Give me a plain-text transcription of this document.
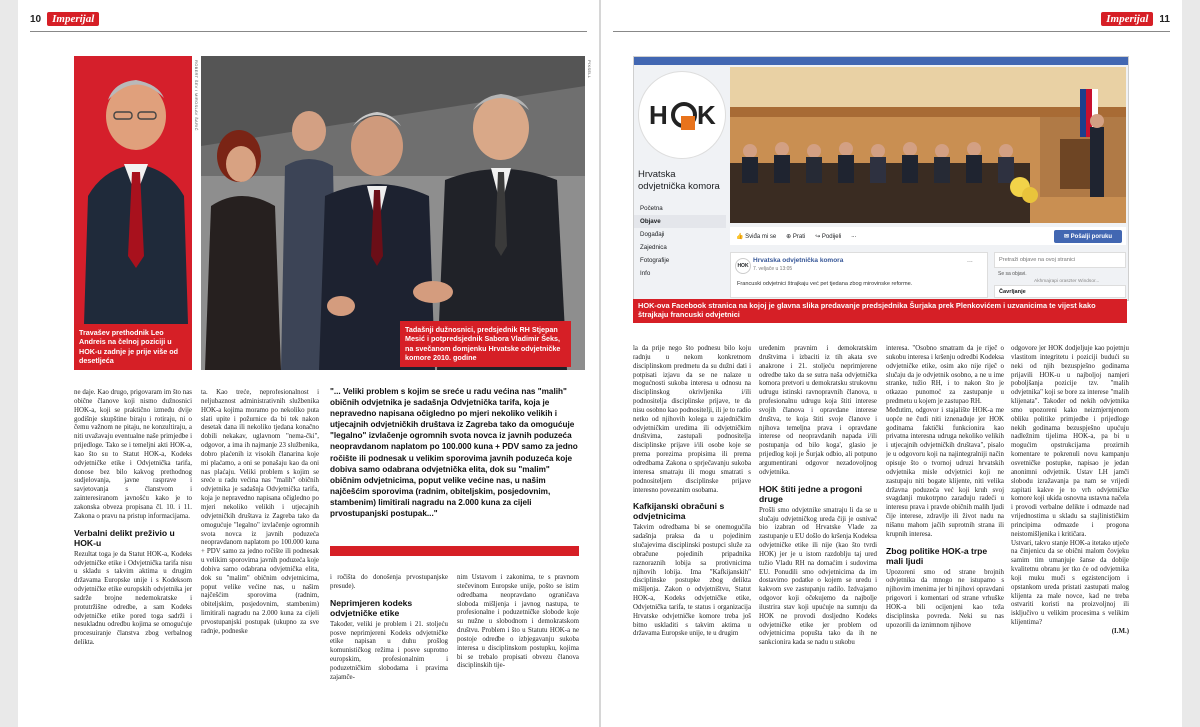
10	Imperijal
ROBERT ŠEV / MIROSLAV ŠARIĆ
Travašev prethodnik Leo Andreis na čelnoj poziciji u HOK-u zadnje je prije više od desetljeća
PIXSELL
Tadašnji dužnosnici, predsjednik RH Stjepan Mesić i potpredsjednik Sabora Vladimir Šeks, na svečanom domjenku Hrvatske odvjetničke komore 2010. godine

ne daje. Kao drugo, prigovaram im što nas obične članove koji nismo dužnosnici HOK-a, koji se praktično između dvije godišnje skupštine biraju i rotiraju, ni o čemu važnom ne pitaju, ne konzultiraju, a niti uvažavaju eventualne naše primjedbe i prijedloge. Tako se i temeljni akti HOK-a, kao što su to Statut HOK-a, Kodeks odvjetničke etike i Odvjetnička tarifa, donose bez bilo kakvog prethodnog sudjelovanja, javne rasprave i savjetovanja s članstvom i zainteresiranom javnošću kako je to zakonska obveza propisana čl. 10. i 11. Zakona o pravu na pristup informacijama.

Verbalni delikt preživio u HOK-u

Rezultat toga je da Statut HOK-a, Kodeks odvjetničke etike i Odvjetnička tarifa nisu u skladu s takvim aktima u drugim državama Europske unije i s Kodeksom odvjetničke etike europskih odvjetnika jer sadrže brojne nedemokratske i protutržišne odredbe, a sam Kodeks odvjetničke etike pored toga sadrži i nesukladnu odredbu kojima se omogućuje procesuiranje članstva zbog verbalnog delikta.

ta. Kao treće, neprofesionalnost i neljubaznost administrativnih službenika HOK-a kojima moramo po nekoliko puta slati upite i požurnice da bi tek nakon desetak dana ili nekoliko tjedana konačno dobili nekakav, uglavnom "nema-čki", odgovor, a ima ih najmanje 23 službenika, dobro plaćenih iz visokih članarina koje mi plaćamo, a oni se ponašaju kao da oni nas plaćaju. Veliki problem s kojim se sreće u radu većina nas "malih" običnih odvjetnika je sadašnja Odvjetnička tarifa, koja je nepravedno napisana očigledno po mjeri nekoliko velikih i utjecajnih odvjetničkih društava iz Zagreba tako da omogućuje "legalno" izvlačenje ogromnih svota novca iz javnih poduzeća neopravdanom naplatom po 100.000 kuna + PDV samo za jedno ročište ili podnesak u velikim sporovima javnih poduzeća koje dobiva samo odabrana odvjetnička elita, dok su "malim" običnim odvjetnicima, poput velike većine nas, u našim najčešćim sporovima (radnim, obiteljskim, posjedovnim, stambenim) limitirali nagradu na 2.000 kuna za cijeli prvostupanjski postupak (ukupno za sve radnje, podneske

"... Veliki problem s kojim se sreće u radu većina nas "malih" običnih odvjetnika je sadašnja Odvjetnička tarifa, koja je nepravedno napisana očigledno po mjeri nekoliko velikih i utjecajnih odvjetničkih društava iz Zagreba tako da omogućuje "legalno" izvlačenje ogromnih svota novca iz javnih poduzeća neopravdanom naplatom po 100.000 kuna + PDV samo za jedno ročište ili podnesak u velikim sporovima javnih poduzeća koje dobiva samo odabrana odvjetnička elita, dok su "malim" običnim odvjetnicima, poput velike većine nas, u našim najčešćim sporovima (radnim, obiteljskim, posjedovnim, stambenim) limitirali nagradu na 2.000 kuna za cijeli prvostupanjski postupak..."

i ročišta do donošenja prvostupanjske presude).

Neprimjeren kodeks odvjetničke etike

Također, veliki je problem i 21. stoljeću posve neprimjereni Kodeks odvjetničke etike napisan u duhu prošlog komunističkog režima i posve suprotno europskim, profesionalnim i poduzetničkim slobodama i pravima zajamče-

nim Ustavom i zakonima, te s pravnom stečevinom Europske unije, pošto se istim odredbama neopravdano ograničava sloboda mišljenja i javnog nastupa, te profesionalne i poduzetničke slobode koje su nužne u slobodnom i demokratskom društvu. Problem i što u Statutu HOK-a ne postoje odredbe o izbjegavanju sukoba interesa u disciplinskom postupku, kojima bi se trebalo propisati obvezu članova disciplinskih tije-

Imperijal	11
H K
Hrvatska
odvjetnička komora
Početna
Objave
Događaji
Zajednica
Fotografije
Info
👍 Sviđa mi se ⊕ Prati ↪ Podijeli ...	✉ Pošalji poruku
HOK
Hrvatska odvjetnička komora
7. veljače u 13:05
...
Francuski odvjetnici štrajkaju već pet tjedana zbog mirovinske reforme.
Pretraži objave na ovoj stranici
Se sa objavi.
Akhmajrapi oraszter Windsor...
Čavrljanje
HOK-ova Facebook stranica na kojoj je glavna slika predavanje predsjednika Šurjaka prek Plenkovićem i uzvanicima te vijest kako štrajkaju francuski odvjetnici

la da prije nego što podnesu bilo koju radnju u nekom konkretnom disciplinskom predmetu da su dužni dati i potpisati izjavu da se ne nalaze u mogućnosti sukoba interesa u odnosu na disciplinskog okrivljenika i/ili podnositelja disciplinske prijave, te da nisu osobno kao podnositelji, ili je to radio netko od njihovih kolega u zajedničkim odvjetničkim uredima ili odvjetničkim društvima, zastupali podnositelja disciplinske prijave i/ili osobe koje se prema porezima propisima ili prema odredbama Zakona o sprječavanju sukoba interesa smatraju ili mogu smatrati s podnositeljem disciplinske prijave interesno povezanim osobama.

Kafkijanski obračuni s odvjetnicima

Takvim odredbama bi se onemogućila sadašnja praksa da u pojedinim slučajevima disciplinski postupci služe za obračune pojedinih pripadnika raznoraznih lobija sa protivnicima njihovih lobija. Ima "Kafkijanskih" disciplinske postupke zbog delikta mišljenja. Zakon o odvjetništvu, Statut HOK-a, Kodeks odvjetničke etike, Odvjetnička tarifa, te status i organizacija Hrvatske odvjetničke komore treba još bitno uskladiti s takvim aktima u državama Europske unije, te u drugim

uređenim pravnim i demokratskim društvima i izbaciti iz tih akata sve anakronе i 21. stoljeću neprimjerene odredbe tako da se sutra naša odvjetnička komora pretvori u demokratsku strukovnu udrugu istinski ravnopravnih članova, u profesionalnu udrugu koja štiti interese svojih članova i opravdane interese društva, te koja štiti svoje članove i njihova temeljna prava i opravdane interese od neopravdanih napada i/ili postupanja od bilo koga', glasio je prijedlog koji je Šurjak odbio, ali potpuno argumentirani odgovor nezadovoljnog odvjetnika.

HOK štiti jedne a progoni druge

Prošli smo odvjetnike smatraju li da se u slučaju odvjetničkog ureda čiji je osnivač bio izabran od Hrvatske Vlade za zastupanje u EU došlo do kršenja Kodeksa odvjetničke etike ili nije (kao što tvrdi HOK) jer je u istom razdoblju taj ured tužio Vladu RH na domaćim i sudovima EU. Ponudili smo odvjetnicima da im dostavimo podatke o kojem se uredu i kakvom sve zastupanju radilo. Izdvajamo odgovor koji očekujemo da najbolje ilustrira stav koji upućuje na sumnju da HOK ne provodi dosljedno Kodeks odvjetničke etike jer problem od odvjetnicima popušta tako da ih ne sankcionira kada se nadu u sukobu

interesa. "Osobno smatram da je riječ o sukobu interesa i kršenju odredbi Kodeksa odvjetničke etike, osim ako nije riječ o slučaju da je odvjetnik osobno, a ne u ime stranke, tužio RH, i to nakon što je otkazao punomoć za zastupanje u predmetu u kojem je zastupao RH.

Međutim, odgovor i stajalište HOK-a me uopće ne čudi niti iznenađuje jer HOK godinama faktički funkcionira kao privatna interesna udruga nekoliko velikih i utjecajnih odvjetničkih društava", pisalo je u odgovoru koji na najintegralniji način opisuje što o tvornoj udruzi hrvatskih odvjetnika misle odvjetnici koji ne zastupaju niti bogate klijente, niti velika državna poduzeća već koji kruh svoj svagdanji mukotrpno zarađuju radeći u interesu prava i pravde običnih malih ljudi čije interese, zdravlje ili život nadu na nišanu mahom jačih suprotnih strana ili krupnih interesa.

Zbog politike HOK-a trpe mali ljudi

Upozoreni smo od strane brojnih odvjetnika da mnogo ne istupamo s njihovim imenima jer bi njihovi opravdani prigovori i komentari od strane vrhuške HOK-a bili ocijenjeni kao teža disciplinska povreda. Neki su nas upozorili da iznimnom njihove

odgovore jer HOK dodjeljuje kao pojetnju vlastitom integritetu i poziciji budući su neki od njih bezuspješno godinama prijavili HOK-u u najboljoj namjeri poboljšanja pozicije tzv. "malih odvjetnika" koji se bore za interese "malih klijenata". Također od nekih odvjetnika smo upozoreni kako neizmjernjenom obliku politike primjedbe i prijedloge nekih godinama bezuspješno upućuju nadležnim tijelima HOK-a, pa bi u mogućim opstrukcijama prozirnih komentare te pokrenuli novu kampanju osvetničke postupke, napisao je jedan anonimni odvjetnik. Ustav LH jamči slobodu izražavanja pa nam se vrijedi zapitati kakve je to vrh odvjetničke komore koji ukida osnovna ustavna načela i provodi verbalne delikte i odmazde nad vrijednostima u skladu sa stajlinističkim principima odmazde i progona neistomišljenika i kritičara.

Ustvari, takvo stanje HOK-a itetako utječe na činjenicu da se obični malom čovjeku samim tim umanjuje šanse da dobije kvalitetnu obranu jer tko će od odvjetnika koji muku muči s egzistencijom i opstankom ureda pristati zastupati malog klijenta za male novce, kad ne treba ostvariti koristi na proizvoljnoj ili isključivo u velikim procesima s velikim klijentima?

(I.M.)
